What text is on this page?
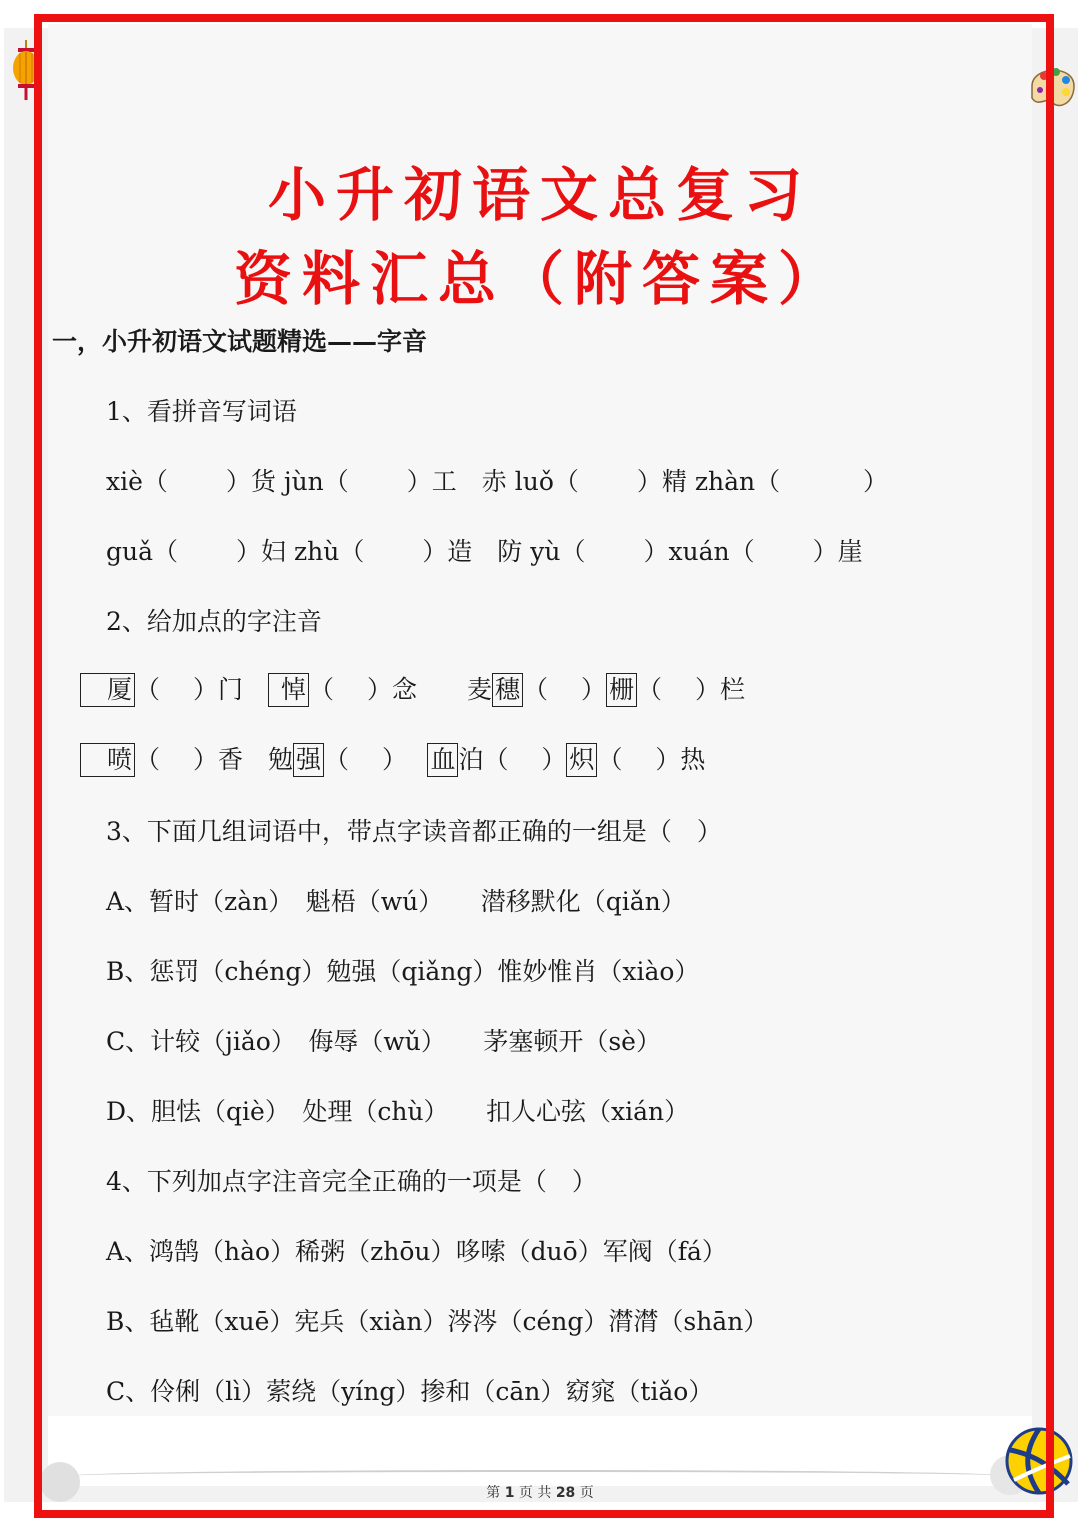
小升初语文总复习
资料汇总（附答案）
一，小升初语文试题精选——字音
1、看拼音写词语
xiè（　　 ）货 jùn（　　 ）工　 赤 luǒ（　　 ）精 zhàn（　　　 ）
guǎ（　　 ）妇 zhù（　　 ）造　 防 yù（　　 ）xuán（　　 ）崖
2、给加点的字注音
厦 （　 ）门　 悼 （　 ）念　　 麦 穗 （　 ） 栅 （　 ）栏
喷 （　 ）香　 勉 强 （　 ）　 血 泊（　 ） 炽 （　 ）热
3、下面几组词语中，带点字读音都正确的一组是（　）
A、暂时（zàn）　魁梧（wú）　　潜移默化（qiǎn）
B、惩罚（chéng）勉强（qiǎng）惟妙惟肖（xiào）
C、计较（jiǎo）　侮辱（wǔ）　　茅塞顿开（sè）
D、胆怯（qiè）　处理（chù）　　扣人心弦（xián）
4、下列加点字注音完全正确的一项是（　）
A、鸿鹄（hào）稀粥（zhōu）哆嗦（duō）军阀（fá）
B、毡靴（xuē）宪兵（xiàn）涔涔（céng）潸潸（shān）
C、伶俐（lì）萦绕（yíng）掺和（cān）窈窕（tiǎo）
第 1 页 共 28 页
